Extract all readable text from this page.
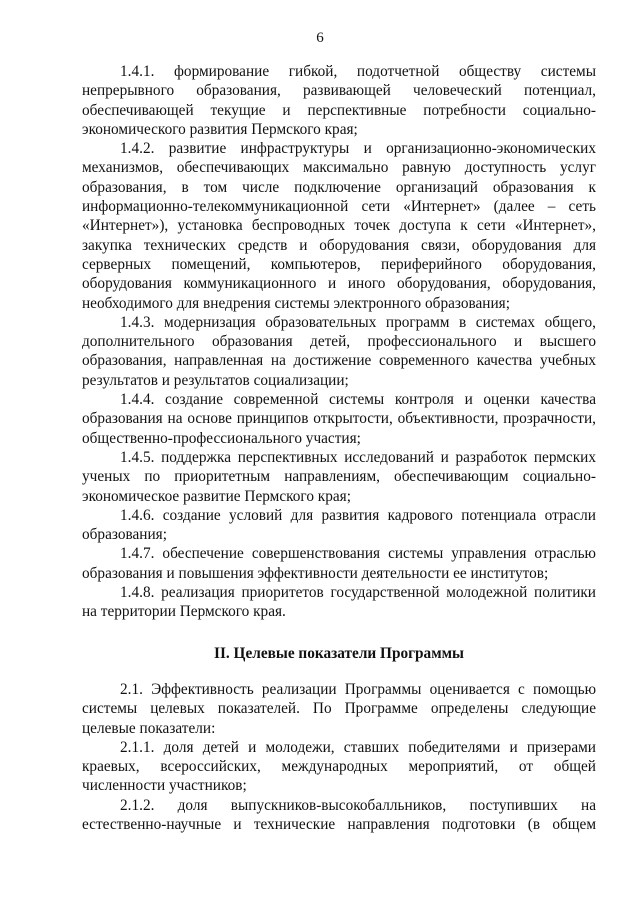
6

1.4.1. формирование гибкой, подотчетной обществу системы непрерывного образования, развивающей человеческий потенциал, обеспечивающей текущие и перспективные потребности социально-экономического развития Пермского края;

1.4.2. развитие инфраструктуры и организационно-экономических механизмов, обеспечивающих максимально равную доступность услуг образования, в том числе подключение организаций образования к информационно-телекоммуникационной сети «Интернет» (далее – сеть «Интернет»), установка беспроводных точек доступа к сети «Интернет», закупка технических средств и оборудования связи, оборудования для серверных помещений, компьютеров, периферийного оборудования, оборудования коммуникационного и иного оборудования, оборудования, необходимого для внедрения системы электронного образования;

1.4.3. модернизация образовательных программ в системах общего, дополнительного образования детей, профессионального и высшего образования, направленная на достижение современного качества учебных результатов и результатов социализации;

1.4.4. создание современной системы контроля и оценки качества образования на основе принципов открытости, объективности, прозрачности, общественно-профессионального участия;

1.4.5. поддержка перспективных исследований и разработок пермских ученых по приоритетным направлениям, обеспечивающим социально-экономическое развитие Пермского края;

1.4.6. создание условий для развития кадрового потенциала отрасли образования;

1.4.7. обеспечение совершенствования системы управления отраслью образования и повышения эффективности деятельности ее институтов;

1.4.8. реализация приоритетов государственной молодежной политики на территории Пермского края.

II. Целевые показатели Программы

2.1. Эффективность реализации Программы оценивается с помощью системы целевых показателей. По Программе определены следующие целевые показатели:

2.1.1. доля детей и молодежи, ставших победителями и призерами краевых, всероссийских, международных мероприятий, от общей численности участников;

2.1.2. доля выпускников-высокобалльников, поступивших на естественно-научные и технические направления подготовки (в общем
